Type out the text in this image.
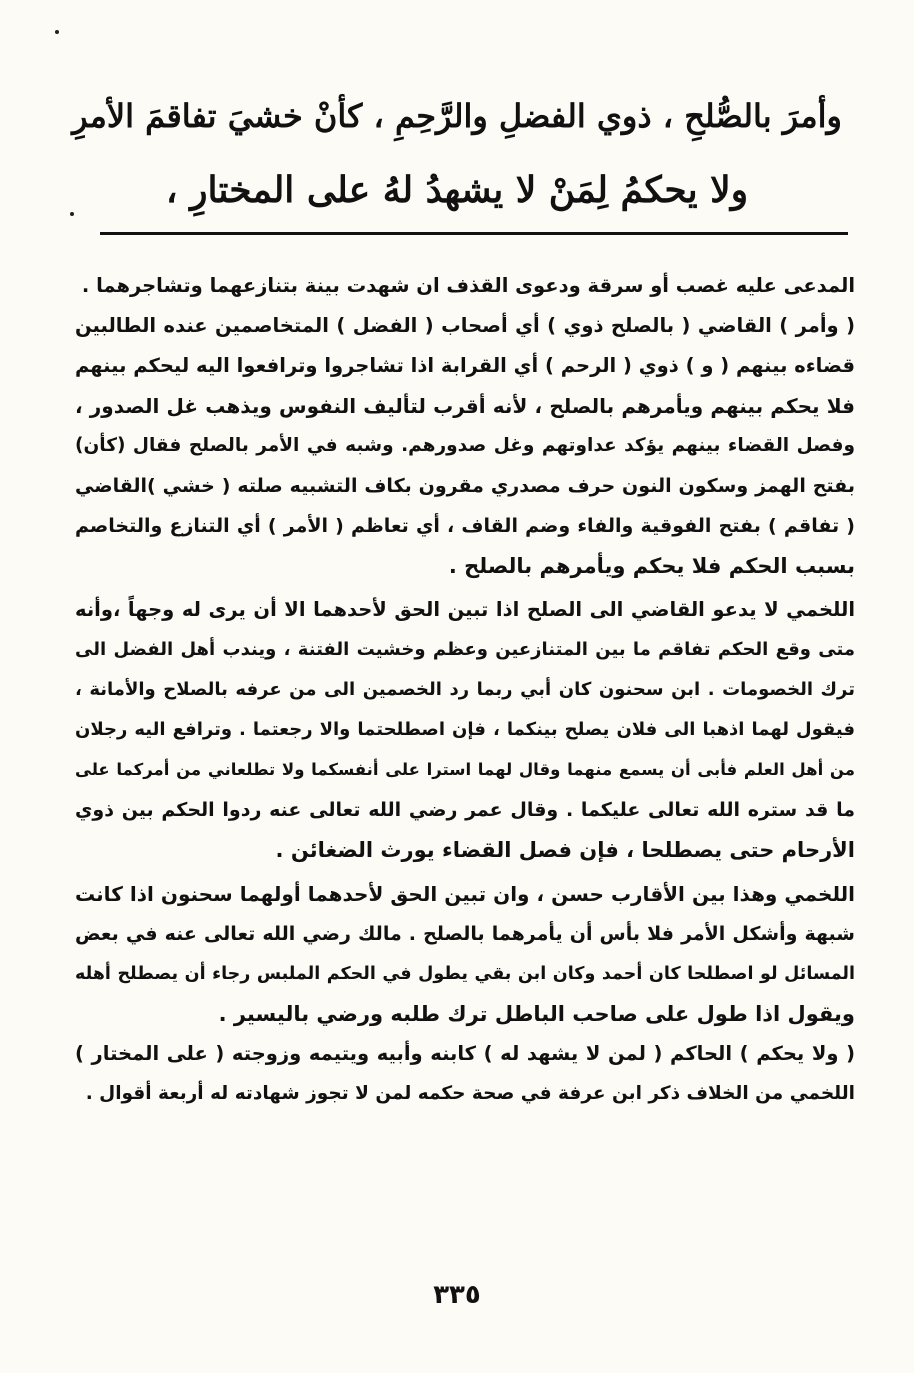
وأمرَ بالصُّلحِ ، ذوي الفضلِ والرَّحِمِ ، كأنْ خشيَ تفاقمَ الأمرِ
ولا يحكمُ لِمَنْ لا يشهدُ لهُ على المختارِ ،
المدعى عليه غصب أو سرقة ودعوى القذف ان شهدت بينة بتنازعهما وتشاجرهما .
( وأمر ) القاضي ( بالصلح ذوي ) أي أصحاب ( الفضل ) المتخاصمين عنده الطالبين
قضاءه بينهم ( و ) ذوي ( الرحم ) أي القرابة اذا تشاجروا وترافعوا اليه ليحكم بينهم
فلا يحكم بينهم ويأمرهم بالصلح ، لأنه أقرب لتأليف النفوس ويذهب غل الصدور ،
وفصل القضاء بينهم يؤكد عداوتهم وغل صدورهم. وشبه في الأمر بالصلح فقال (كأن)
بفتح الهمز وسكون النون حرف مصدري مقرون بكاف التشبيه صلته ( خشي )القاضي
( تفاقم ) بفتح الفوقية والفاء وضم القاف ، أي تعاظم ( الأمر ) أي التنازع والتخاصم
بسبب الحكم فلا يحكم ويأمرهم بالصلح .
اللخمي لا يدعو القاضي الى الصلح اذا تبين الحق لأحدهما الا أن يرى له وجهاً ،وأنه
متى وقع الحكم تفاقم ما بين المتنازعين وعظم وخشيت الفتنة ، ويندب أهل الفضل الى
ترك الخصومات . ابن سحنون كان أبي ربما رد الخصمين الى من عرفه بالصلاح والأمانة ،
فيقول لهما اذهبا الى فلان يصلح بينكما ، فإن اصطلحتما والا رجعتما . وترافع اليه رجلان
من أهل العلم فأبى أن يسمع منهما وقال لهما استرا على أنفسكما ولا تطلعاني من أمركما على
ما قد ستره الله تعالى عليكما . وقال عمر رضي الله تعالى عنه ردوا الحكم بين ذوي
الأرحام حتى يصطلحا ، فإن فصل القضاء يورث الضغائن .
اللخمي وهذا بين الأقارب حسن ، وان تبين الحق لأحدهما أولهما سحنون اذا كانت
شبهة وأشكل الأمر فلا بأس أن يأمرهما بالصلح . مالك رضي الله تعالى عنه في بعض
المسائل لو اصطلحا كان أحمد وكان ابن بقي يطول في الحكم الملبس رجاء أن يصطلح أهله
ويقول اذا طول على صاحب الباطل ترك طلبه ورضي باليسير .
( ولا يحكم ) الحاكم ( لمن لا يشهد له ) كابنه وأبيه ويتيمه وزوجته ( على المختار )
اللخمي من الخلاف ذكر ابن عرفة في صحة حكمه لمن لا تجوز شهادته له أربعة أقوال .
٣٣٥
